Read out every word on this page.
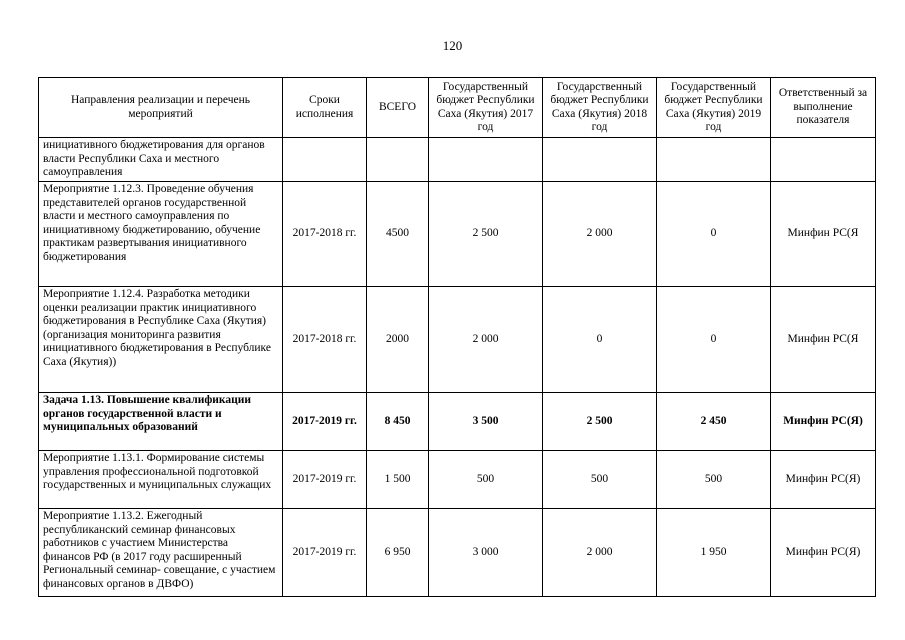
120
Направления реализации и перечень мероприятий	Сроки исполнения	ВСЕГО	Государственный бюджет Республики Саха (Якутия) 2017 год	Государственный бюджет Республики Саха (Якутия) 2018 год	Государственный бюджет Республики Саха (Якутия) 2019 год	Ответственный за выполнение показателя
инициативного бюджетирования для органов власти Республики Саха и местного самоуправления						
Мероприятие 1.12.3. Проведение обучения представителей органов государственной власти и местного самоуправления по инициативному бюджетированию, обучение практикам развертывания инициативного бюджетирования	2017-2018 гг.	4500	2 500	2 000	0	Минфин РС(Я
Мероприятие 1.12.4. Разработка методики оценки реализации практик инициативного бюджетирования в Республике Саха (Якутия) (организация мониторинга развития инициативного бюджетирования в Республике Саха (Якутия))	2017-2018 гг.	2000	2 000	0	0	Минфин РС(Я
Задача 1.13. Повышение квалификации органов государственной власти и муниципальных образований	2017-2019 гг.	8 450	3 500	2 500	2 450	Минфин РС(Я)
Мероприятие 1.13.1. Формирование системы управления профессиональной подготовкой государственных и муниципальных служащих	2017-2019 гг.	1 500	500	500	500	Минфин РС(Я)
Мероприятие 1.13.2. Ежегодный республиканский семинар финансовых работников с участием Министерства финансов РФ (в 2017 году расширенный Региональный семинар- совещание, с участием финансовых органов в ДВФО)	2017-2019 гг.	6 950	3 000	2 000	1 950	Минфин РС(Я)
